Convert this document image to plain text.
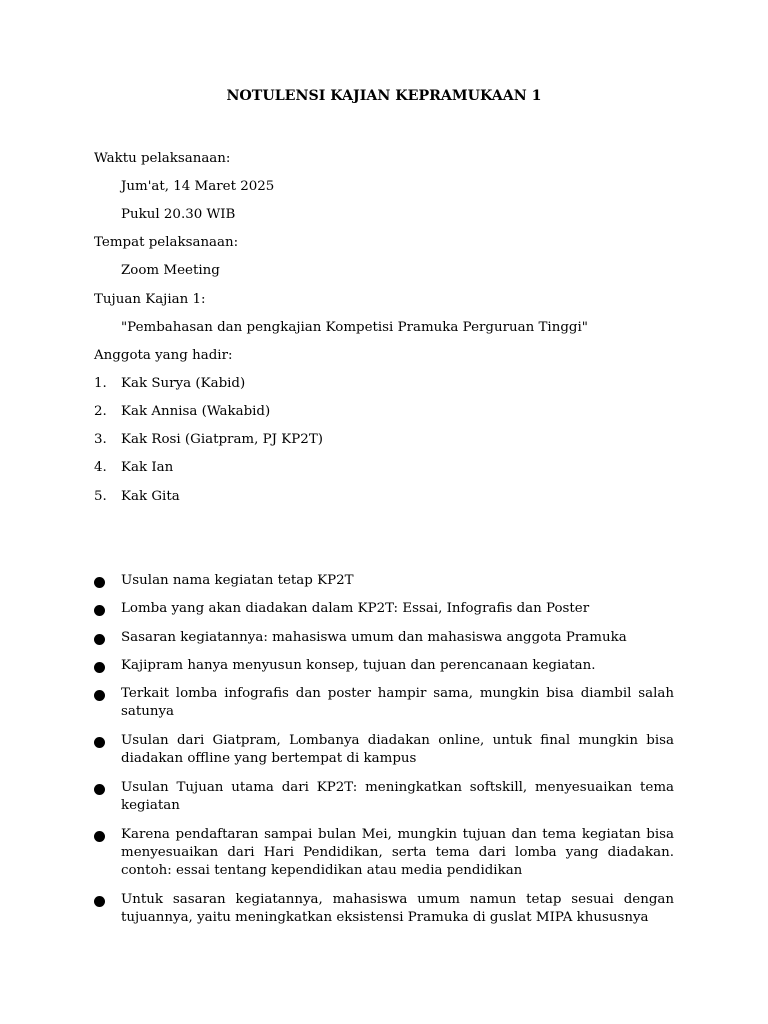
NOTULENSI KAJIAN KEPRAMUKAAN 1
Waktu pelaksanaan:
Jum'at, 14 Maret 2025
Pukul 20.30 WIB
Tempat pelaksanaan:
Zoom Meeting
Tujuan Kajian 1:
"Pembahasan dan pengkajian Kompetisi Pramuka Perguruan Tinggi"
Anggota yang hadir:
1. Kak Surya (Kabid)
2. Kak Annisa (Wakabid)
3. Kak Rosi (Giatpram, PJ KP2T)
4. Kak Ian
5. Kak Gita
Usulan nama kegiatan tetap KP2T
Lomba yang akan diadakan dalam KP2T: Essai, Infografis dan Poster
Sasaran kegiatannya: mahasiswa umum dan mahasiswa anggota Pramuka
Kajipram hanya menyusun konsep, tujuan dan perencanaan kegiatan.
Terkait lomba infografis dan poster hampir sama, mungkin bisa diambil salah satunya
Usulan dari Giatpram, Lombanya diadakan online, untuk final mungkin bisa diadakan offline yang bertempat di kampus
Usulan Tujuan utama dari KP2T: meningkatkan softskill, menyesuaikan tema kegiatan
Karena pendaftaran sampai bulan Mei, mungkin tujuan dan tema kegiatan bisa menyesuaikan dari Hari Pendidikan, serta tema dari lomba yang diadakan. contoh: essai tentang kependidikan atau media pendidikan
Untuk sasaran kegiatannya, mahasiswa umum namun tetap sesuai dengan tujuannya, yaitu meningkatkan eksistensi Pramuka di guslat MIPA khususnya
